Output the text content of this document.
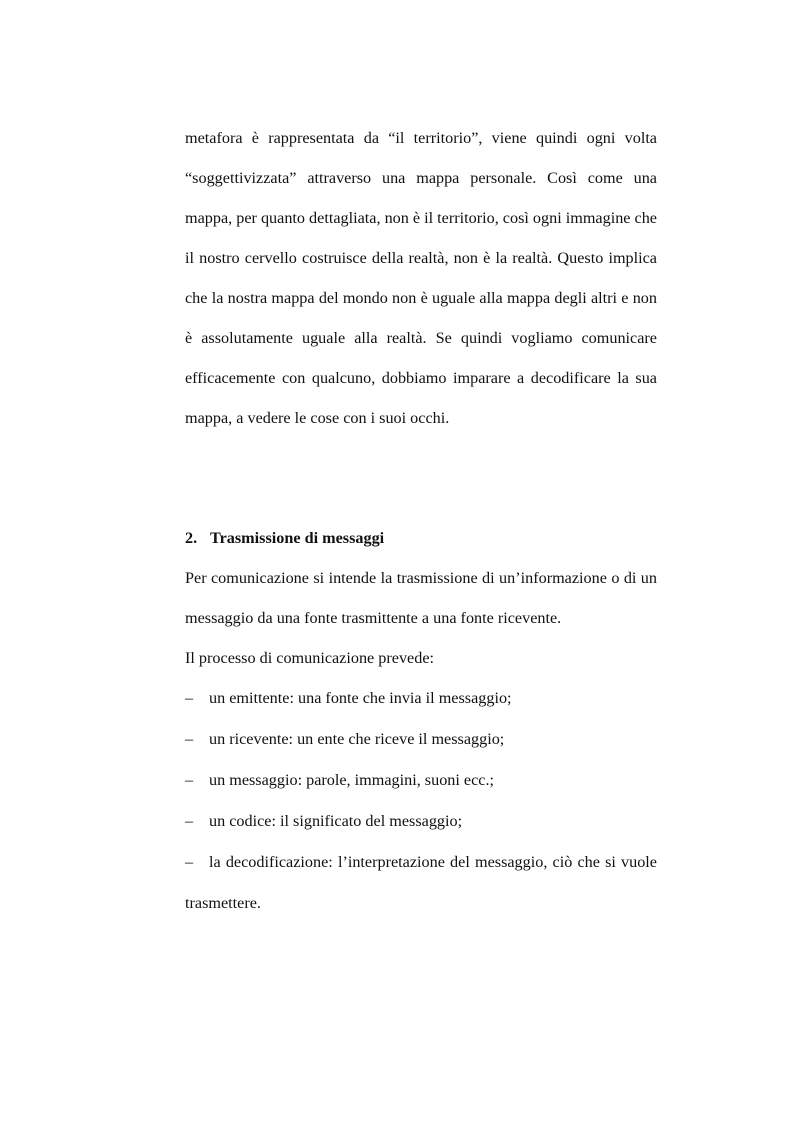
metafora è rappresentata da “il territorio”, viene quindi ogni volta “soggettivizzata” attraverso una mappa personale. Così come una mappa, per quanto dettagliata, non è il territorio, così ogni immagine che il nostro cervello costruisce della realtà, non è la realtà. Questo implica che la nostra mappa del mondo non è uguale alla mappa degli altri e non è assolutamente uguale alla realtà. Se quindi vogliamo comunicare efficacemente con qualcuno, dobbiamo imparare a decodificare la sua mappa, a vedere le cose con i suoi occhi.

2. Trasmissione di messaggi

Per comunicazione si intende la trasmissione di un’informazione o di un messaggio da una fonte trasmittente a una fonte ricevente.

Il processo di comunicazione prevede:

– un emittente: una fonte che invia il messaggio;
– un ricevente: un ente che riceve il messaggio;
– un messaggio: parole, immagini, suoni ecc.;
– un codice: il significato del messaggio;
– la decodificazione: l’interpretazione del messaggio, ciò che si vuole trasmettere.
